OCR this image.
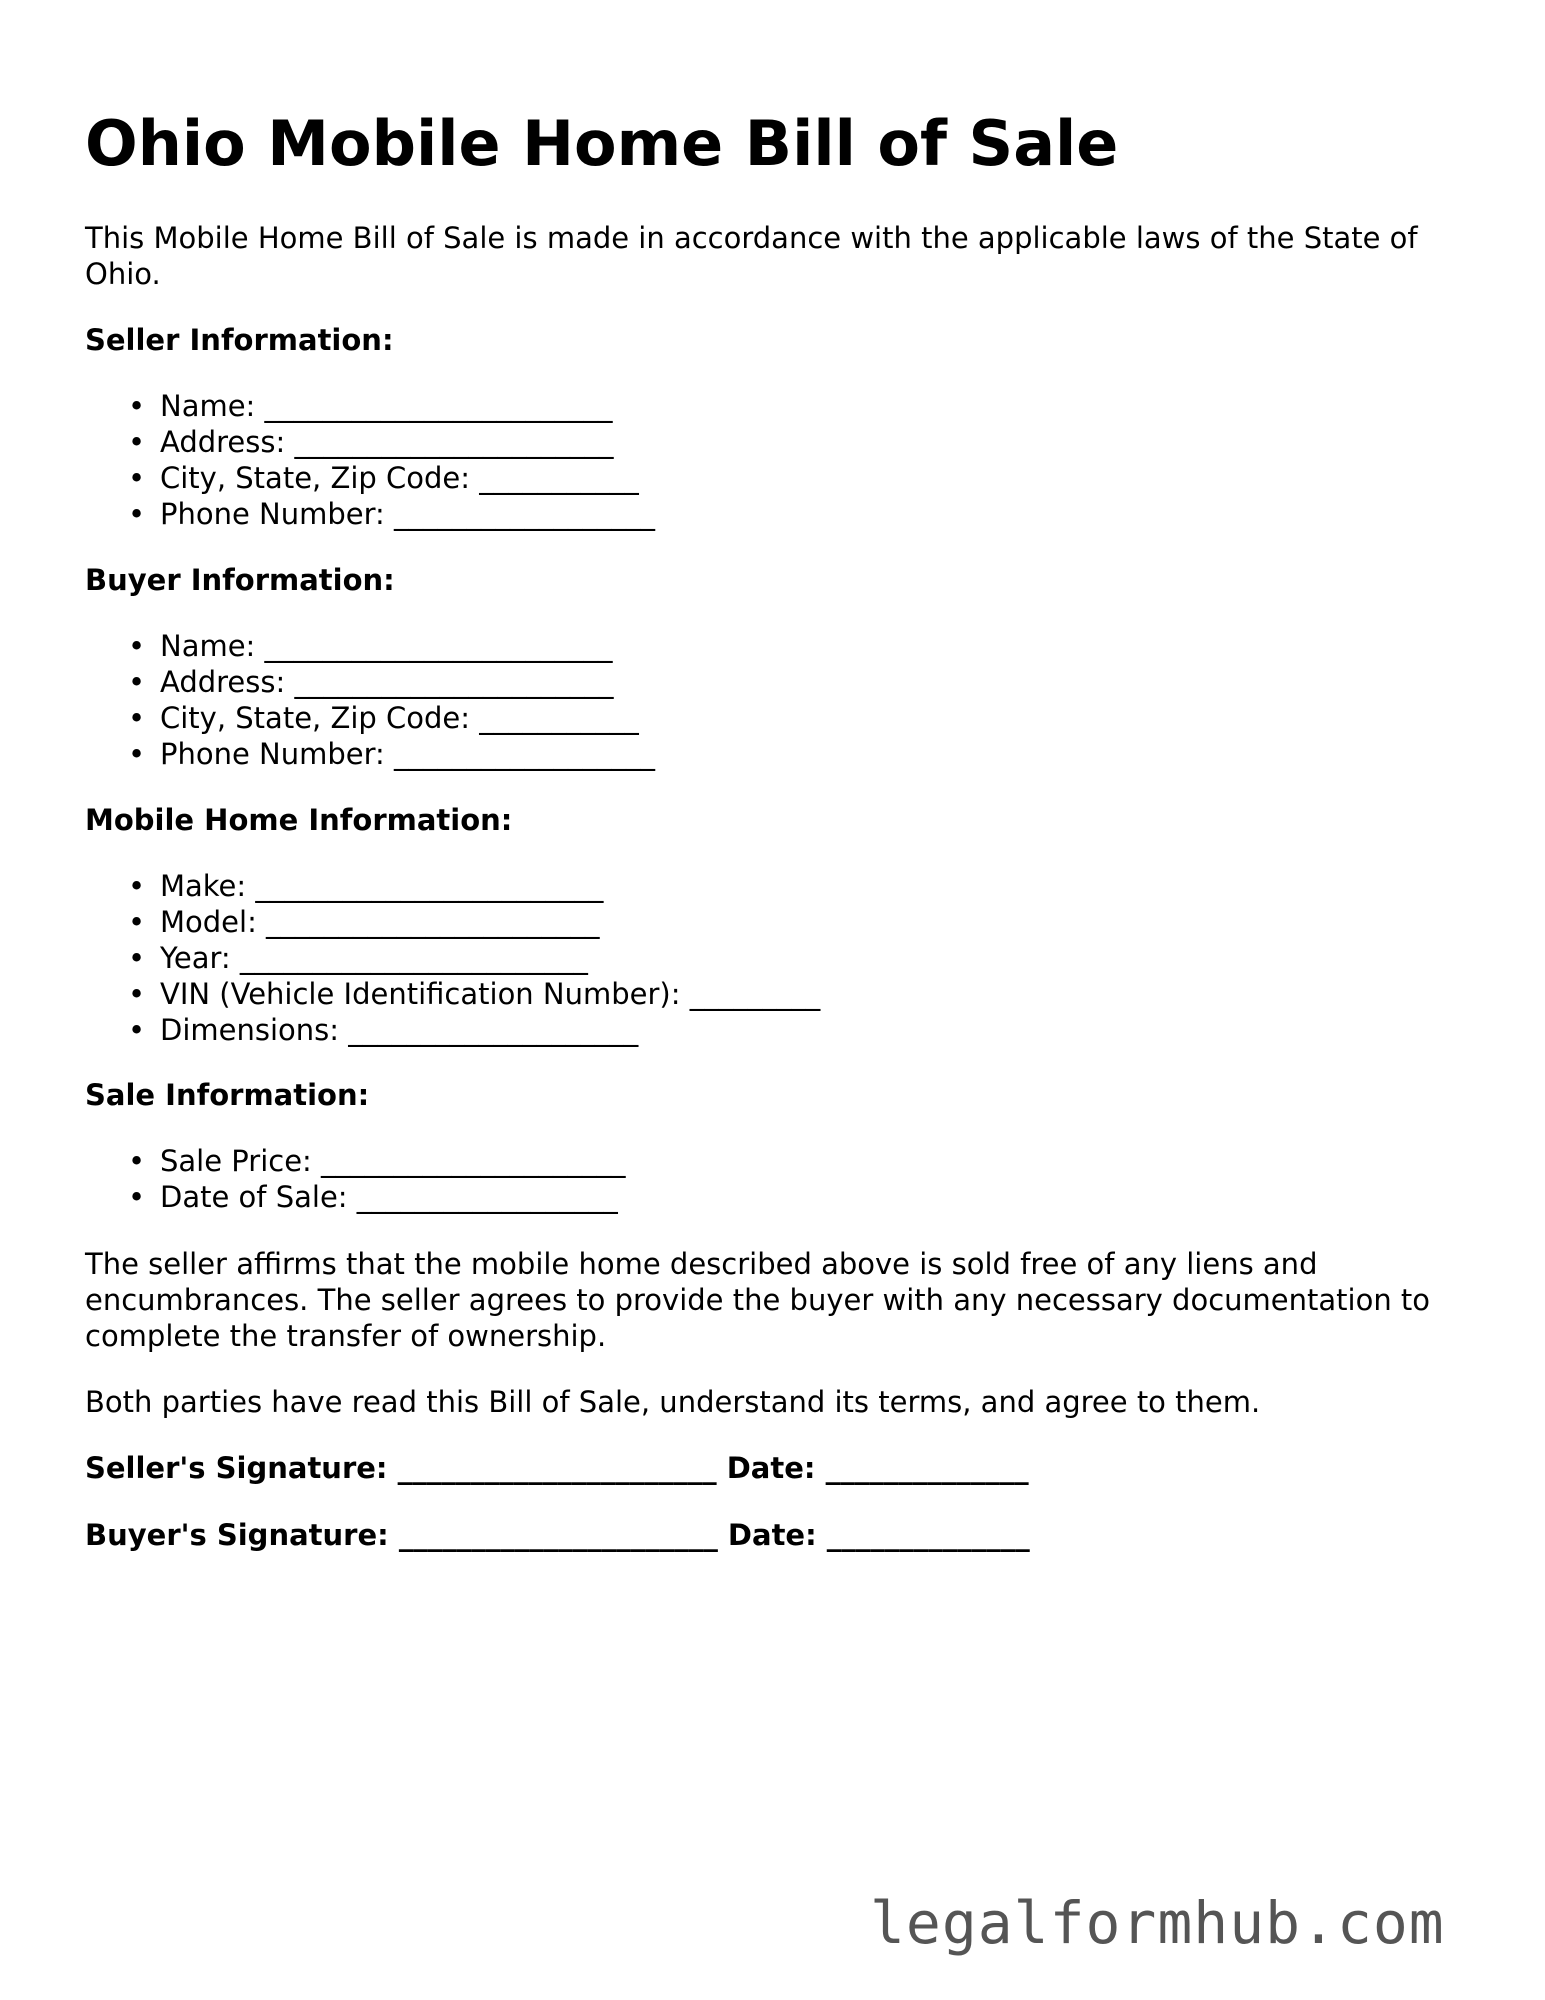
Ohio Mobile Home Bill of Sale

This Mobile Home Bill of Sale is made in accordance with the applicable laws of the State of Ohio.

Seller Information:
• Name: ________________________
• Address: ______________________
• City, State, Zip Code: ___________
• Phone Number: __________________
Buyer Information:
• Name: ________________________
• Address: ______________________
• City, State, Zip Code: ___________
• Phone Number: __________________
Mobile Home Information:
• Make: ________________________
• Model: _______________________
• Year: ________________________
• VIN (Vehicle Identification Number): _________
• Dimensions: ____________________
Sale Information:
• Sale Price: _____________________
• Date of Sale: __________________

The seller affirms that the mobile home described above is sold free of any liens and encumbrances. The seller agrees to provide the buyer with any necessary documentation to complete the transfer of ownership.

Both parties have read this Bill of Sale, understand its terms, and agree to them.

Seller's Signature: ______________________ Date: ______________

Buyer's Signature: ______________________ Date: ______________

legalformhub.com
